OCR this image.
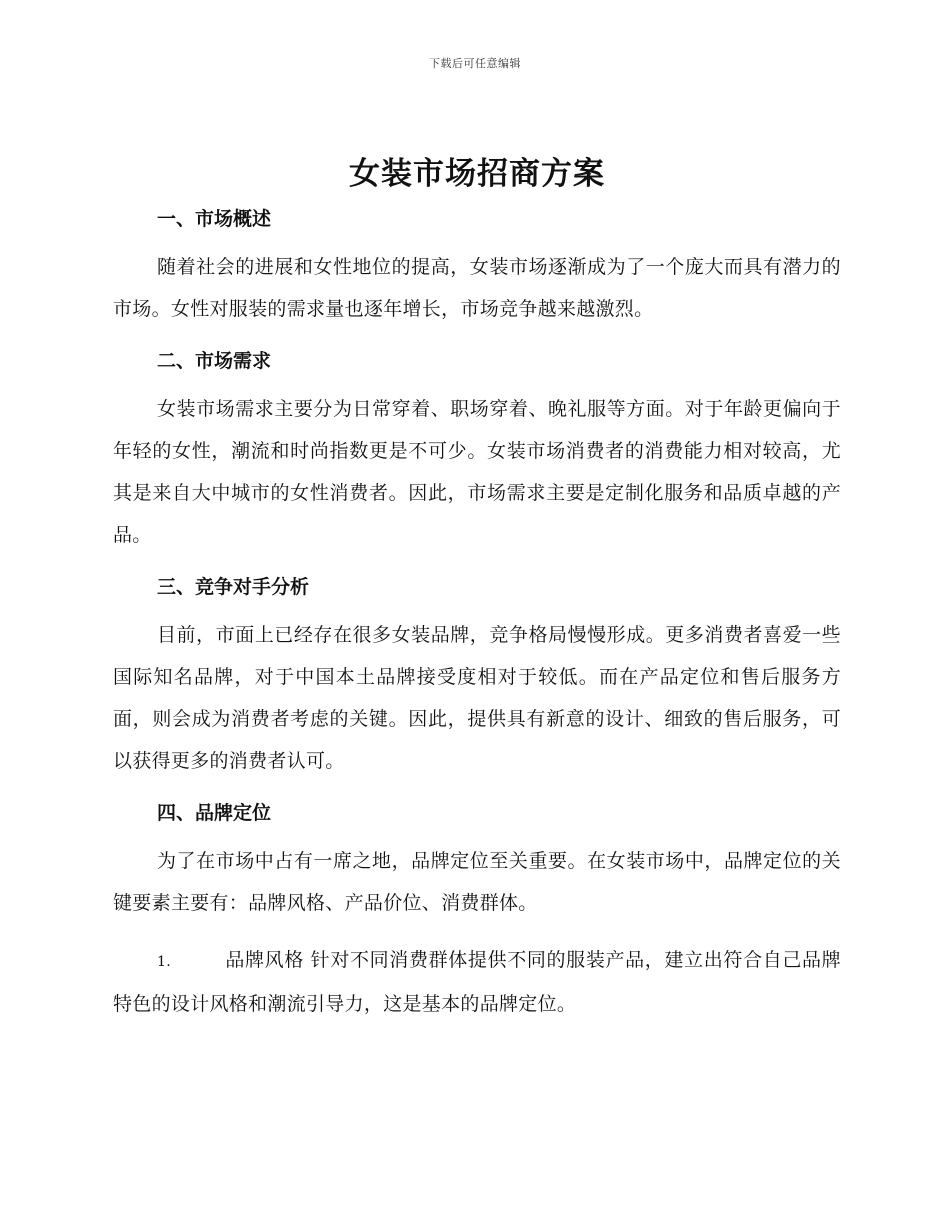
下载后可任意编辑
女装市场招商方案
一、市场概述

随着社会的进展和女性地位的提高，女装市场逐渐成为了一个庞大而具有潜力的市场。女性对服装的需求量也逐年增长，市场竞争越来越激烈。

二、市场需求

女装市场需求主要分为日常穿着、职场穿着、晚礼服等方面。对于年龄更偏向于年轻的女性，潮流和时尚指数更是不可少。女装市场消费者的消费能力相对较高，尤其是来自大中城市的女性消费者。因此，市场需求主要是定制化服务和品质卓越的产品。

三、竞争对手分析

目前，市面上已经存在很多女装品牌，竞争格局慢慢形成。更多消费者喜爱一些国际知名品牌，对于中国本土品牌接受度相对于较低。而在产品定位和售后服务方面，则会成为消费者考虑的关键。因此，提供具有新意的设计、细致的售后服务，可以获得更多的消费者认可。

四、品牌定位

为了在市场中占有一席之地，品牌定位至关重要。在女装市场中，品牌定位的关键要素主要有：品牌风格、产品价位、消费群体。

1.	品牌风格 针对不同消费群体提供不同的服装产品，建立出符合自己品牌特色的设计风格和潮流引导力，这是基本的品牌定位。
